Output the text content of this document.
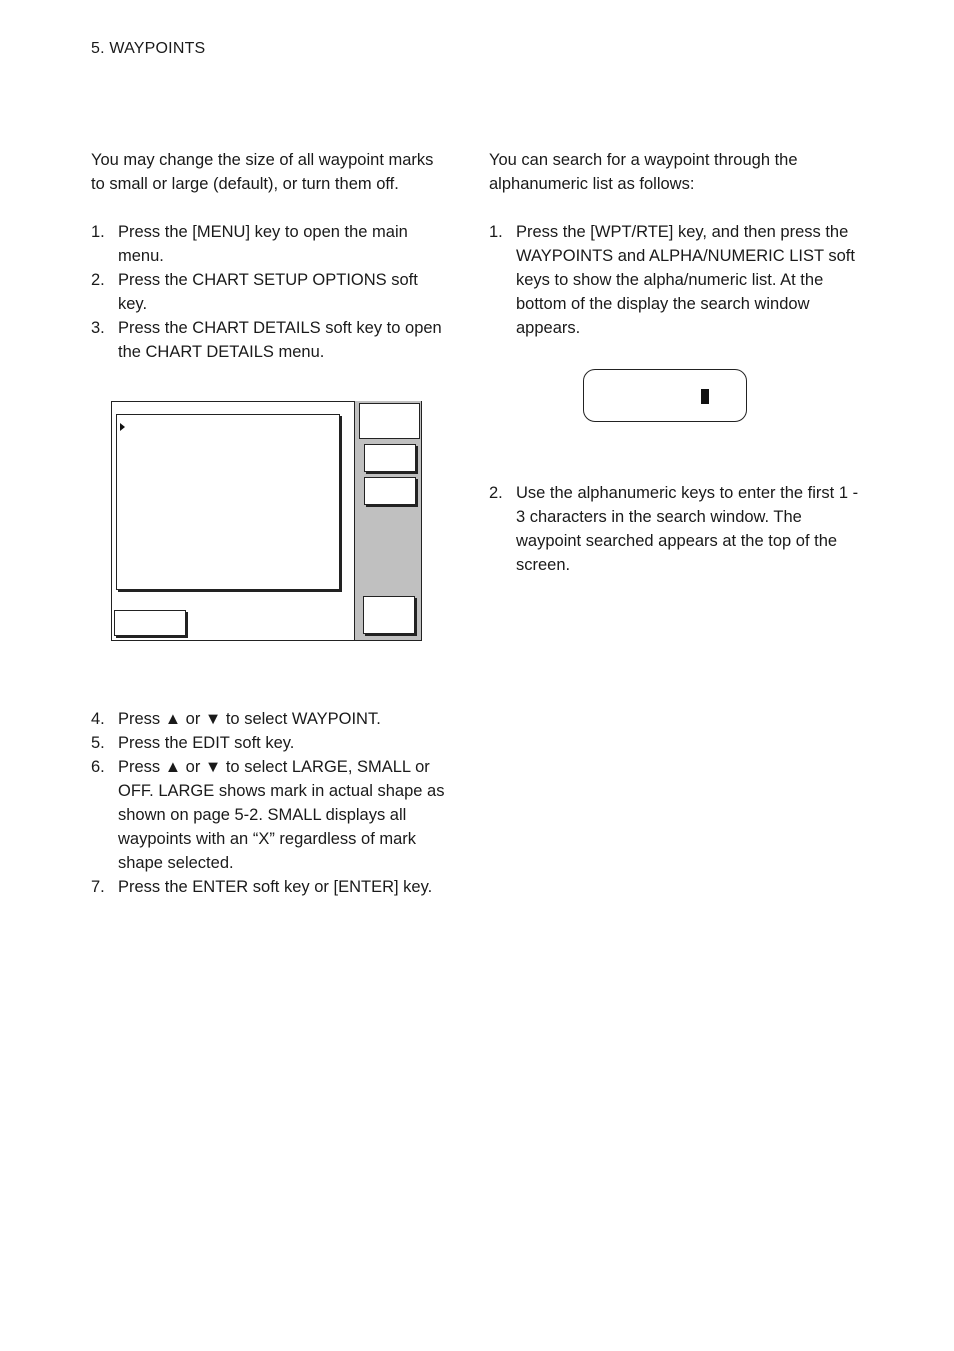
5. WAYPOINTS

You may change the size of all waypoint marks to small or large (default), or turn them off.

1. Press the [MENU] key to open the main menu.
2. Press the CHART SETUP OPTIONS soft key.
3. Press the CHART DETAILS soft key to open the CHART DETAILS menu.
4. Press ▲ or ▼ to select WAYPOINT.
5. Press the EDIT soft key.
6. Press ▲ or ▼ to select LARGE, SMALL or OFF. LARGE shows mark in actual shape as shown on page 5-2. SMALL displays all waypoints with an “X” regardless of mark shape selected.
7. Press the ENTER soft key or [ENTER] key.

You can search for a waypoint through the alphanumeric list as follows:

1. Press the [WPT/RTE] key, and then press the WAYPOINTS and ALPHA/NUMERIC LIST soft keys to show the alpha/numeric list. At the bottom of the display the search window appears.
2. Use the alphanumeric keys to enter the first 1 - 3 characters in the search window. The waypoint searched appears at the top of the screen.
